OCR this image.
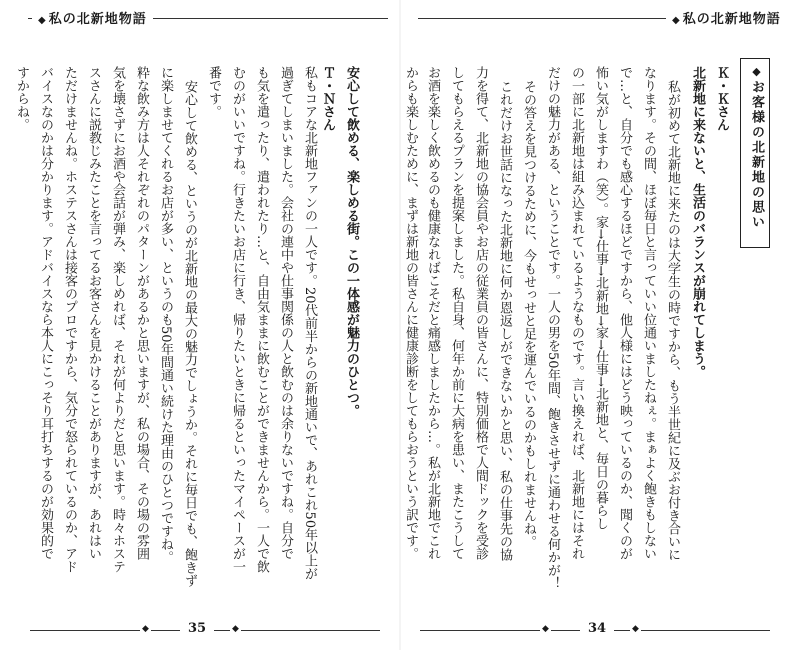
◆ 私の北新地物語
Ｔ・Ｎさん 安心して飲める、楽しめる街。この一体感が魅力のひとつ。
私もコアな北新地ファンの一人です。20代前半からの新地通いで、あれこれ50年以上が
過ぎてしまいました。会社の連中や仕事関係の人と飲むのは余りないですね。自分で
も気を遣ったり、遣われたり…と、自由気ままに飲むことができませんから。一人で飲
むのがいいですね。行きたいお店に行き、帰りたいときに帰るといったマイペースが一
番です。
安心して飲める、というのが北新地の最大の魅力でしょうか。それに毎日でも、飽きず
に楽しませてくれるお店が多い、というのも50年間通い続けた理由のひとつですね。
粋な飲み方は人それぞれのパターンがあるかと思いますが、私の場合、その場の雰囲
気を壊さずにお酒や会話が弾み、楽しめれば、それが何よりだと思います。時々ホステ
スさんに説教じみたことを言ってるお客さんを見かけることがありますが、あれはい
ただけませんね。ホステスさんは接客のプロですから、気分で怒られているのか、アド
バイスなのかは分かります。アドバイスなら本人にこっそり耳打ちするのが効果的で
すからね。
◆	35	◆
◆ 私の北新地物語
◆お客様の北新地の思い
Ｋ・Ｋさん
北新地に来ないと、生活のバランスが崩れてしまう。
私が初めて北新地に来たのは大学生の時ですから、もう半世紀に及ぶお付き合いに
なります。その間、ほぼ毎日と言っていい位通いましたねぇ。まぁよく飽きもしない
で…と、自分でも感心するほどですから、他人様にはどう映っているのか、聞くのが
怖い気がしますわ（笑）。家→仕事→北新地→家→仕事→北新地と、毎日の暮らし
の一部に北新地は組み込まれているようなものです。言い換えれば、北新地にはそれ
だけの魅力がある、ということです。一人の男を50年間、飽きさせずに通わせる何かが！
その答えを見つけるために、今もせっせと足を運んでいるのかもしれませんね。
これだけお世話になった北新地に何か恩返しができないかと思い、私の仕事先の協
力を得て、北新地の協会員やお店の従業員の皆さんに、特別価格で人間ドックを受診
してもらえるプランを提案しました。私自身、何年か前に大病を患い、またこうして
お酒を楽しく飲めるのも健康なればこそだと痛感しましたから…。私が北新地でこれ
からも楽しむために、まずは新地の皆さんに健康診断をしてもらおうという訳です。
◆	34	◆
